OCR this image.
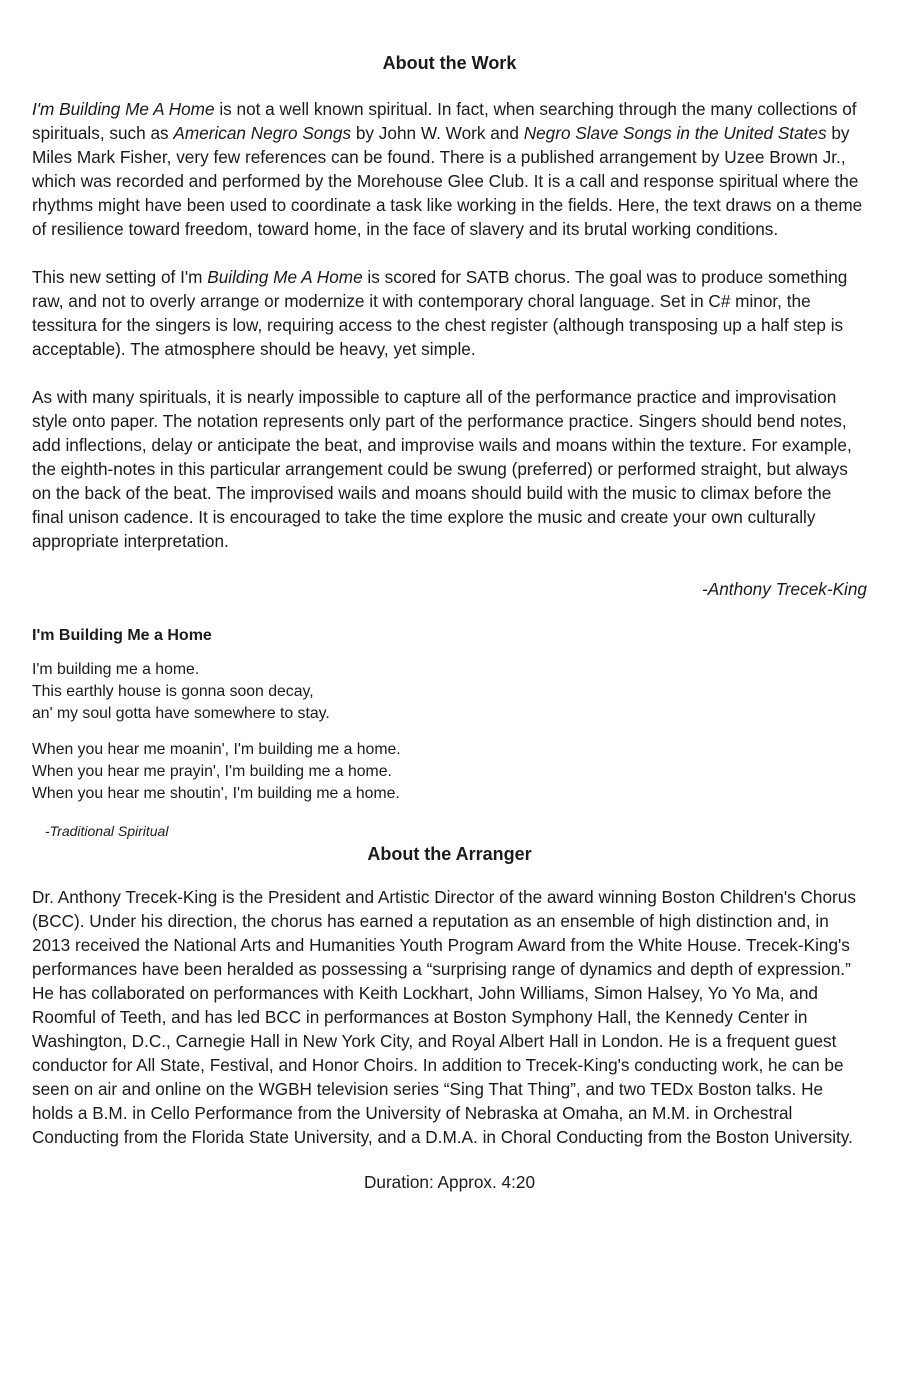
About the Work

I'm Building Me A Home is not a well known spiritual. In fact, when searching through the many collections of spirituals, such as American Negro Songs by John W. Work and Negro Slave Songs in the United States by Miles Mark Fisher, very few references can be found. There is a published arrangement by Uzee Brown Jr., which was recorded and performed by the Morehouse Glee Club. It is a call and response spiritual where the rhythms might have been used to coordinate a task like working in the fields. Here, the text draws on a theme of resilience toward freedom, toward home, in the face of slavery and its brutal working conditions.

This new setting of I'm Building Me A Home is scored for SATB chorus. The goal was to produce something raw, and not to overly arrange or modernize it with contemporary choral language. Set in C# minor, the tessitura for the singers is low, requiring access to the chest register (although transposing up a half step is acceptable). The atmosphere should be heavy, yet simple.

As with many spirituals, it is nearly impossible to capture all of the performance practice and improvisation style onto paper. The notation represents only part of the performance practice. Singers should bend notes, add inflections, delay or anticipate the beat, and improvise wails and moans within the texture. For example, the eighth-notes in this particular arrangement could be swung (preferred) or performed straight, but always on the back of the beat. The improvised wails and moans should build with the music to climax before the final unison cadence. It is encouraged to take the time explore the music and create your own culturally appropriate interpretation.

-Anthony Trecek-King

I'm Building Me a Home

I'm building me a home.
This earthly house is gonna soon decay,
an' my soul gotta have somewhere to stay.

When you hear me moanin', I'm building me a home.
When you hear me prayin', I'm building me a home.
When you hear me shoutin', I'm building me a home.

-Traditional Spiritual

About the Arranger

Dr. Anthony Trecek-King is the President and Artistic Director of the award winning Boston Children's Chorus (BCC). Under his direction, the chorus has earned a reputation as an ensemble of high distinction and, in 2013 received the National Arts and Humanities Youth Program Award from the White House. Trecek-King's performances have been heralded as possessing a “surprising range of dynamics and depth of expression.” He has collaborated on performances with Keith Lockhart, John Williams, Simon Halsey, Yo Yo Ma, and Roomful of Teeth, and has led BCC in performances at Boston Symphony Hall, the Kennedy Center in Washington, D.C., Carnegie Hall in New York City, and Royal Albert Hall in London. He is a frequent guest conductor for All State, Festival, and Honor Choirs. In addition to Trecek-King's conducting work, he can be seen on air and online on the WGBH television series “Sing That Thing”, and two TEDx Boston talks. He holds a B.M. in Cello Performance from the University of Nebraska at Omaha, an M.M. in Orchestral Conducting from the Florida State University, and a D.M.A. in Choral Conducting from the Boston University.

Duration: Approx. 4:20
